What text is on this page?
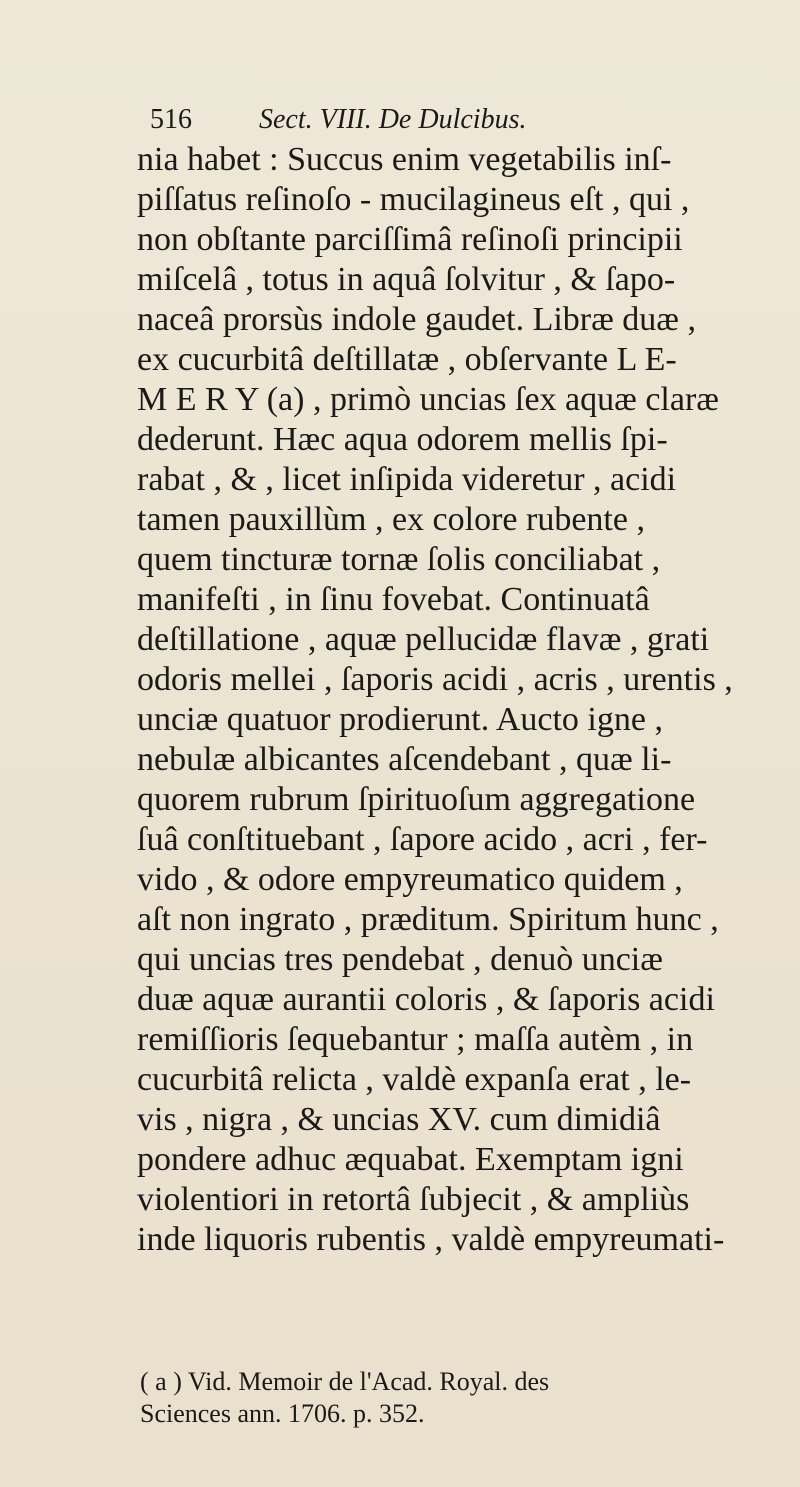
516 Sect. VIII. De Dulcibus.
nia habet : Succus enim vegetabilis inſ-
piſſatus reſinoſo - mucilagineus eſt , qui ,
non obſtante parciſſimâ reſinoſi principii
miſcelâ , totus in aquâ ſolvitur , & ſapo-
naceâ prorsùs indole gaudet. Libræ duæ ,
ex cucurbitâ deſtillatæ , obſervante L E-
M E R Y (a) , primò uncias ſex aquæ claræ
dederunt. Hæc aqua odorem mellis ſpi-
rabat , & , licet inſipida videretur , acidi
tamen pauxillùm , ex colore rubente ,
quem tincturæ tornæ ſolis conciliabat ,
manifeſti , in ſinu fovebat. Continuatâ
deſtillatione , aquæ pellucidæ flavæ , grati
odoris mellei , ſaporis acidi , acris , urentis ,
unciæ quatuor prodierunt. Aucto igne ,
nebulæ albicantes aſcendebant , quæ li-
quorem rubrum ſpirituoſum aggregatione
ſuâ conſtituebant , ſapore acido , acri , fer-
vido , & odore empyreumatico quidem ,
aſt non ingrato , præditum. Spiritum hunc ,
qui uncias tres pendebat , denuò unciæ
duæ aquæ aurantii coloris , & ſaporis acidi
remiſſioris ſequebantur ; maſſa autèm , in
cucurbitâ relicta , valdè expanſa erat , le-
vis , nigra , & uncias XV. cum dimidiâ
pondere adhuc æquabat. Exemptam igni
violentiori in retortâ ſubjecit , & ampliùs
inde liquoris rubentis , valdè empyreumati-
( a ) Vid. Memoir de l'Acad. Royal. des
Sciences ann. 1706. p. 352.
